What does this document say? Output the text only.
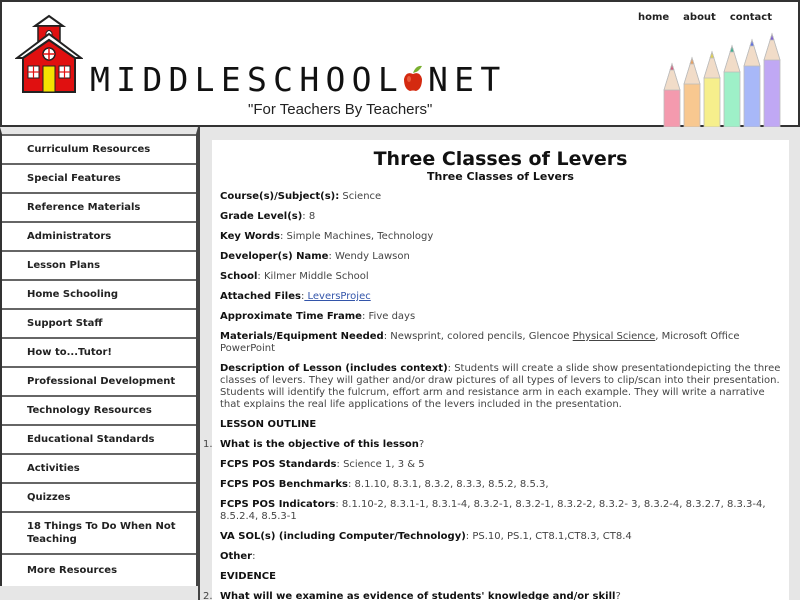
MIDDLESCHOOL NET
"For Teachers By Teachers"
home about contact
Curriculum Resources
Special Features
Reference Materials
Administrators
Lesson Plans
Home Schooling
Support Staff
How to...Tutor!
Professional Development
Technology Resources
Educational Standards
Activities
Quizzes
18 Things To Do When Not Teaching
More Resources
Three Classes of Levers
Three Classes of Levers
Course(s)/Subject(s): Science
Grade Level(s): 8
Key Words: Simple Machines, Technology
Developer(s) Name: Wendy Lawson
School: Kilmer Middle School
Attached Files: LeversProjec
Approximate Time Frame: Five days
Materials/Equipment Needed: Newsprint, colored pencils, Glencoe Physical Science, Microsoft Office PowerPoint
Description of Lesson (includes context): Students will create a slide show presentationdepicting the three classes of levers. They will gather and/or draw pictures of all types of levers to clip/scan into their presentation. Students will identify the fulcrum, effort arm and resistance arm in each example. They will write a narrative that explains the real life applications of the levers included in the presentation.
LESSON OUTLINE
1. What is the objective of this lesson?
FCPS POS Standards: Science 1, 3 & 5
FCPS POS Benchmarks: 8.1.10, 8.3.1, 8.3.2, 8.3.3, 8.5.2, 8.5.3,
FCPS POS Indicators: 8.1.10-2, 8.3.1-1, 8.3.1-4, 8.3.2-1, 8.3.2-1, 8.3.2-2, 8.3.2- 3, 8.3.2-4, 8.3.2.7, 8.3.3-4, 8.5.2.4, 8.5.3-1
VA SOL(s) (including Computer/Technology): PS.10, PS.1, CT8.1,CT8.3, CT8.4
Other:
EVIDENCE
2. What will we examine as evidence of students' knowledge and/or skill?
